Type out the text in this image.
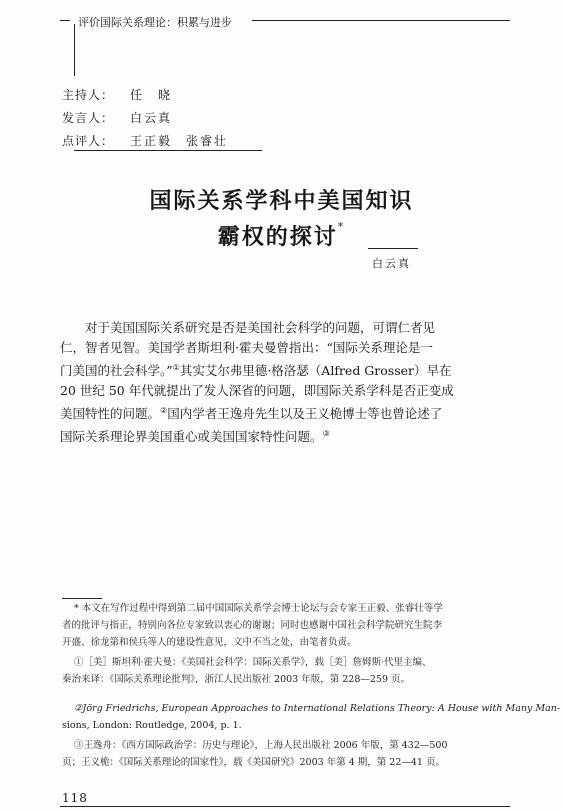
评价国际关系理论：积累与进步
主持人： 任　晓
发言人： 白云真
点评人： 王正毅　张睿壮
国际关系学科中美国知识
霸权的探讨*
白云真
对于美国国际关系研究是否是美国社会科学的问题，可谓仁者见
仁，智者见智。美国学者斯坦利·霍夫曼曾指出：“国际关系理论是一
门美国的社会科学。”①其实艾尔弗里德·格洛瑟（Alfred Grosser）早在
20 世纪 50 年代就提出了发人深省的问题，即国际关系学科是否正变成
美国特性的问题。②国内学者王逸舟先生以及王义桅博士等也曾论述了
国际关系理论界美国重心或美国国家特性问题。③
* 本文在写作过程中得到第二届中国国际关系学会博士论坛与会专家王正毅、张睿壮等学
者的批评与指正，特别向各位专家致以衷心的谢谢；同时也感谢中国社会科学院研究生院李
开盛、徐龙第和侯兵等人的建设性意见，文中不当之处，由笔者负责。
①［美］斯坦利·霍夫曼：《美国社会科学：国际关系学》，载［美］詹姆斯·代里主编、
秦治来译：《国际关系理论批判》，浙江人民出版社 2003 年版，第 228—259 页。
②Jörg Friedrichs, European Approaches to International Relations Theory: A House with Many Man-
sions, London: Routledge, 2004, p. 1.
③王逸舟：《西方国际政治学：历史与理论》，上海人民出版社 2006 年版，第 432—500
页；王义桅：《国际关系理论的国家性》，载《美国研究》2003 年第 4 期，第 22—41 页。
118
